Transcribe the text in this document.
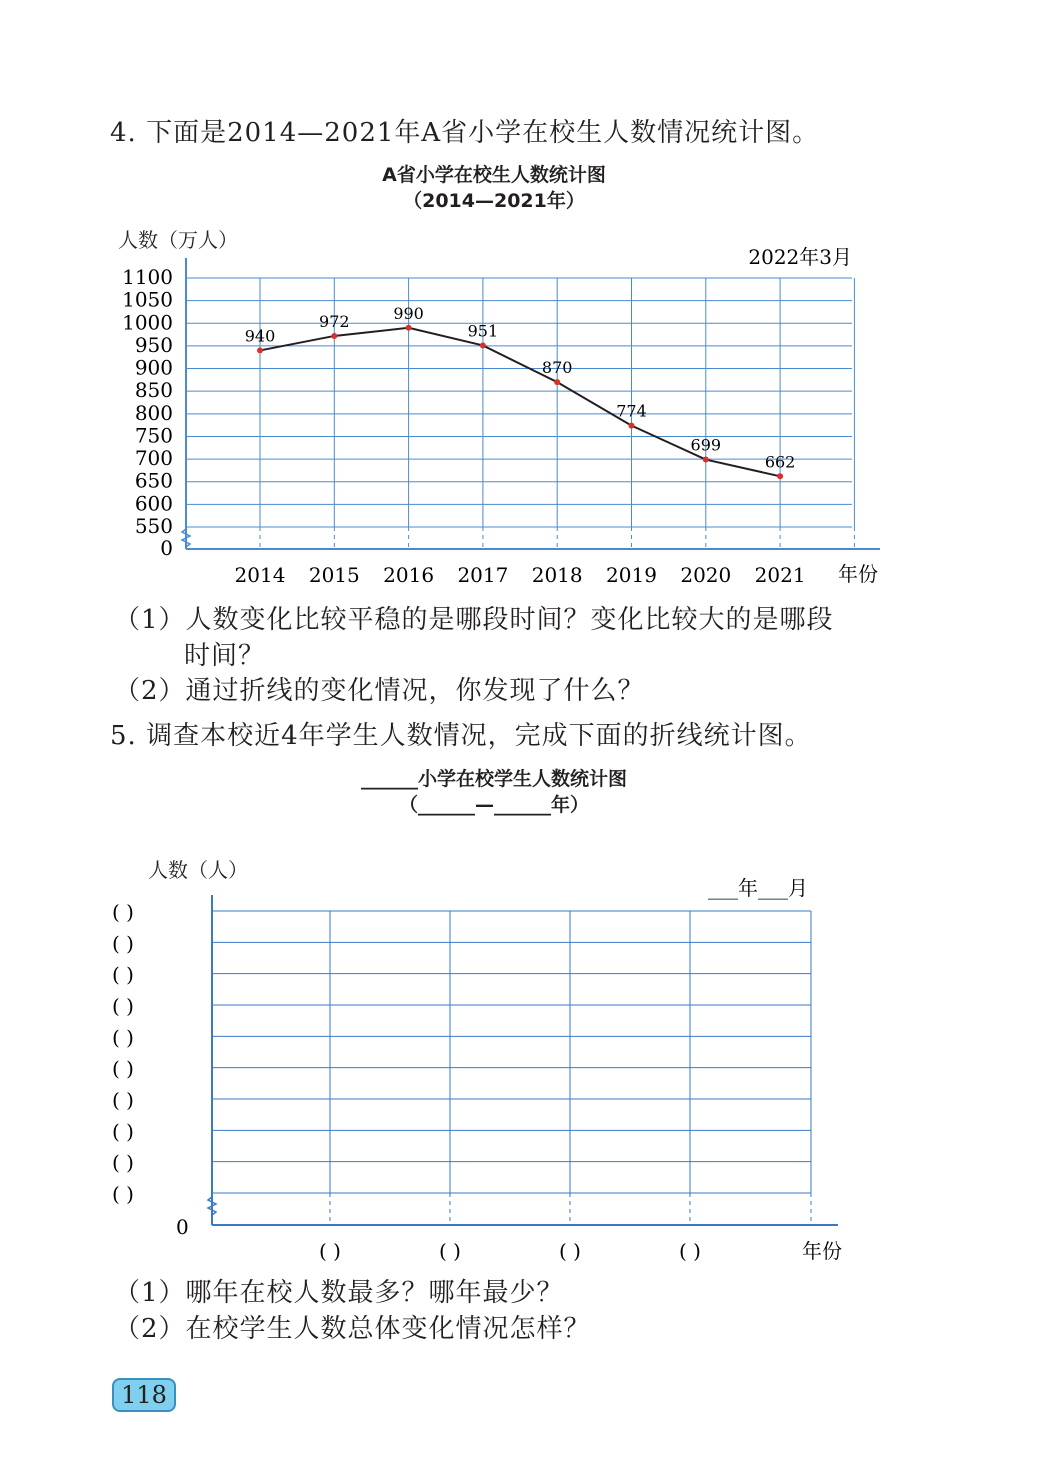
4. 下面是2014—2021年A省小学在校生人数情况统计图。
A省小学在校生人数统计图
（2014—2021年）
人数（万人）
1100
1050
1000
950
900
850
800
750
700
650
600
550
0
2014 2015 2016 2017 2018 2019 2020 2021 年份
2022年3月
940
972	990
951
870
774
699
662
（1）人数变化比较平稳的是哪段时间？变化比较大的是哪段
时间？
（2）通过折线的变化情况，你发现了什么？
5. 调查本校近4年学生人数情况，完成下面的折线统计图。
______小学在校学生人数统计图
（______—______年）
人数（人）
( )
( )
( )
( )
( )
( )
( )
( )
( )
( )
0
( )	( )	( )	( )	年份
___年___月
（1）哪年在校人数最多？哪年最少？
（2）在校学生人数总体变化情况怎样？
118
